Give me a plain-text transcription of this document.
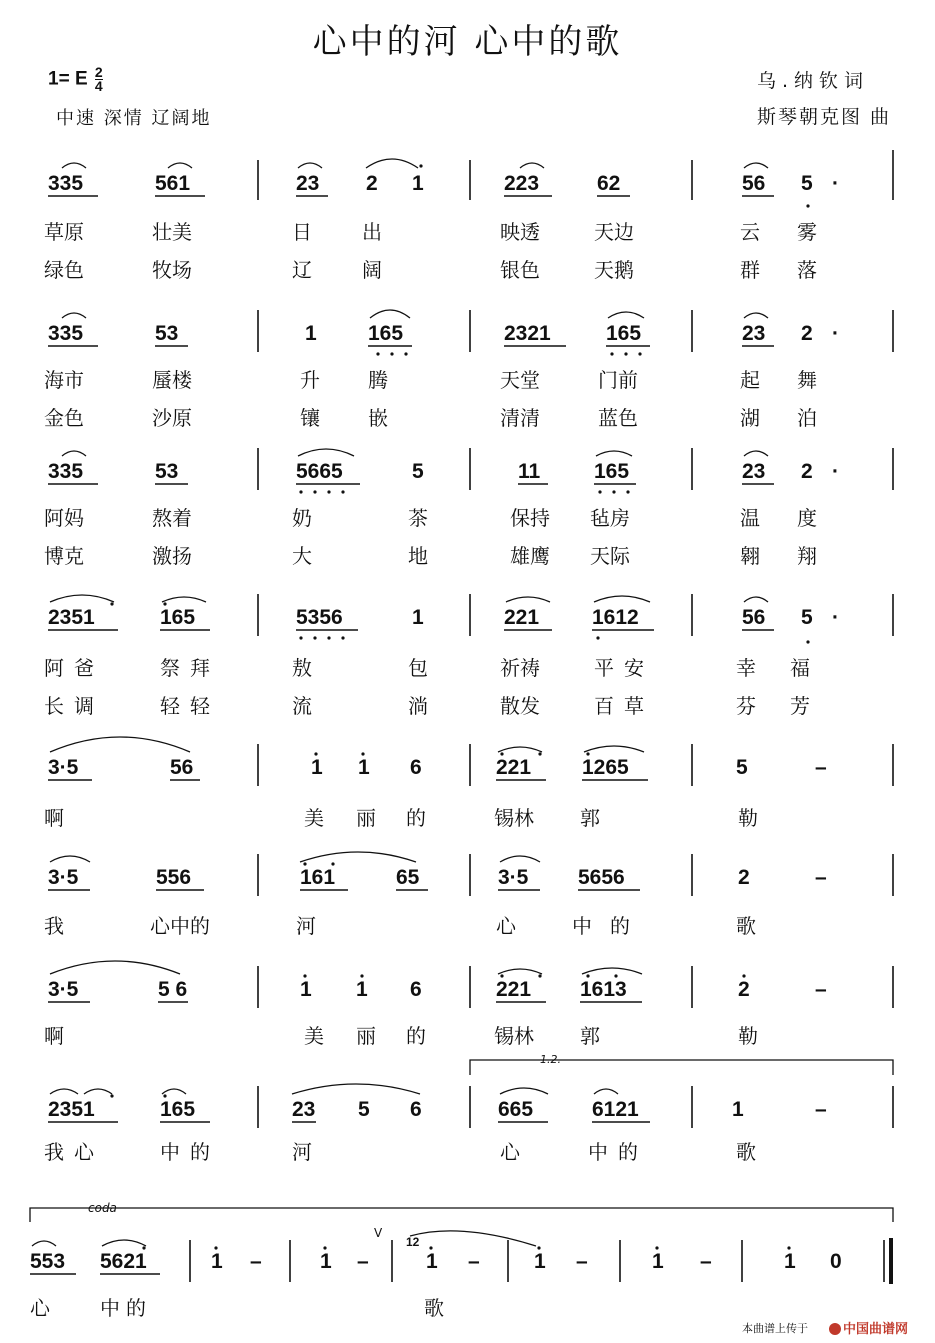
心中的河 心中的歌
1= E $\frac{2}{4}$
中速 深情 辽阔地
乌.纳钦词
斯琴朝克图 曲
335	561	23 2 1	223	62	56 5 ·
草原	壮美	日	出	映透	天边	云 雾
绿色	牧场	辽	阔	银色	天鹅	群 落
335	53	1 165	2321	165	23 2 ·
海市	蜃楼	升 腾	天堂	门前	起 舞
金色	沙原	镶 嵌	清清	蓝色	湖 泊
335	53	5665	5	11	165	23 2 ·
阿妈	熬着	奶	茶	保持 毡房	温 度
博克	激扬	大	地	雄鹰 天际	翱 翔
2351	165	5356	1	221	1612	56 5 ·
阿爸	祭拜	敖	包	祈祷	平安	幸 福
长调	轻轻	流	淌	散发	百草	芬 芳
3·5	56	1 1 6	221 1265	5	–
啊	美 丽 的	锡林 郭	勒
3·5	556	161	65	3·5 5656	2	–
我	心中的	河	心	中 的	歌
3·5	5 6	1 1 6	221 1613	2	–
啊	美 丽 的	锡林 郭	勒
1.2.
2351	165	23 5 6	665	6121	1	–
我心	中的	河	心	中的	歌
coda
V
553 5621	1 –	1 –
12
1 –	1 –	1 –	1 0
心	中的	歌
本曲谱上传于	中国曲谱网
